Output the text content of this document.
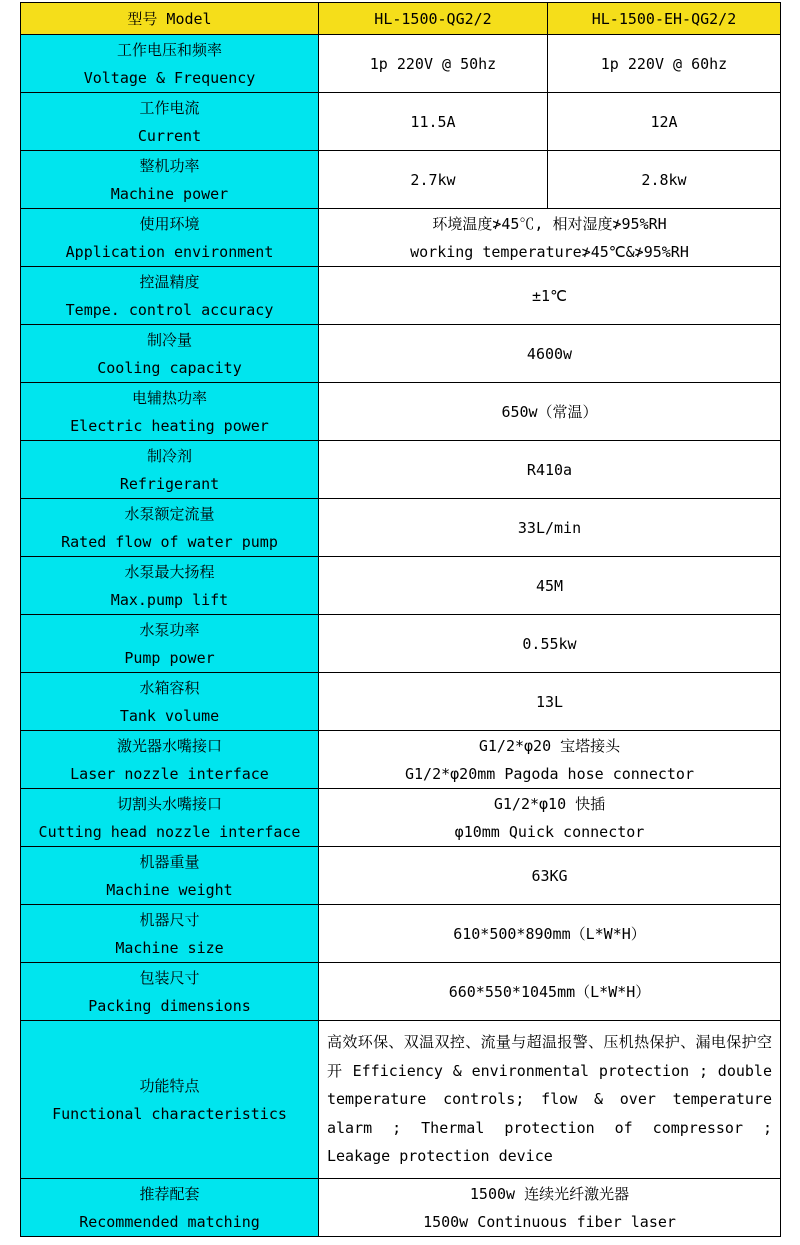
型号 Model	HL-1500-QG2/2	HL-1500-EH-QG2/2

工作电压和频率
Voltage & Frequency	1p 220V @ 50hz	1p 220V @ 60hz

工作电流
Current	11.5A	12A

整机功率
Machine power	2.7kw	2.8kw

使用环境
Application environment	环境温度≯45℃, 相对湿度≯95%RH
working temperature≯45℃&≯95%RH	

控温精度
Tempe. control accuracy	±1℃	

制冷量
Cooling capacity	4600w	

电辅热功率
Electric heating power	650w（常温）	

制冷剂
Refrigerant	R410a	

水泵额定流量
Rated flow of water pump	33L/min	

水泵最大扬程
Max.pump lift	45M	

水泵功率
Pump power	0.55kw	

水箱容积
Tank volume	13L	

激光器水嘴接口
Laser nozzle interface	G1/2*φ20 宝塔接头
G1/2*φ20mm Pagoda hose connector	

切割头水嘴接口
Cutting head nozzle interface	G1/2*φ10 快插
φ10mm Quick connector	

机器重量
Machine weight	63KG	

机器尺寸
Machine size	610*500*890mm（L*W*H）	

包装尺寸
Packing dimensions	660*550*1045mm（L*W*H）	

功能特点
Functional characteristics	高效环保、双温双控、流量与超温报警、压机热保护、漏电保护空开 Efficiency & environmental protection ; double temperature controls; flow & over temperature alarm ; Thermal protection of compressor ; Leakage protection device	

推荐配套
Recommended matching	1500w 连续光纤激光器
1500w Continuous fiber laser	
